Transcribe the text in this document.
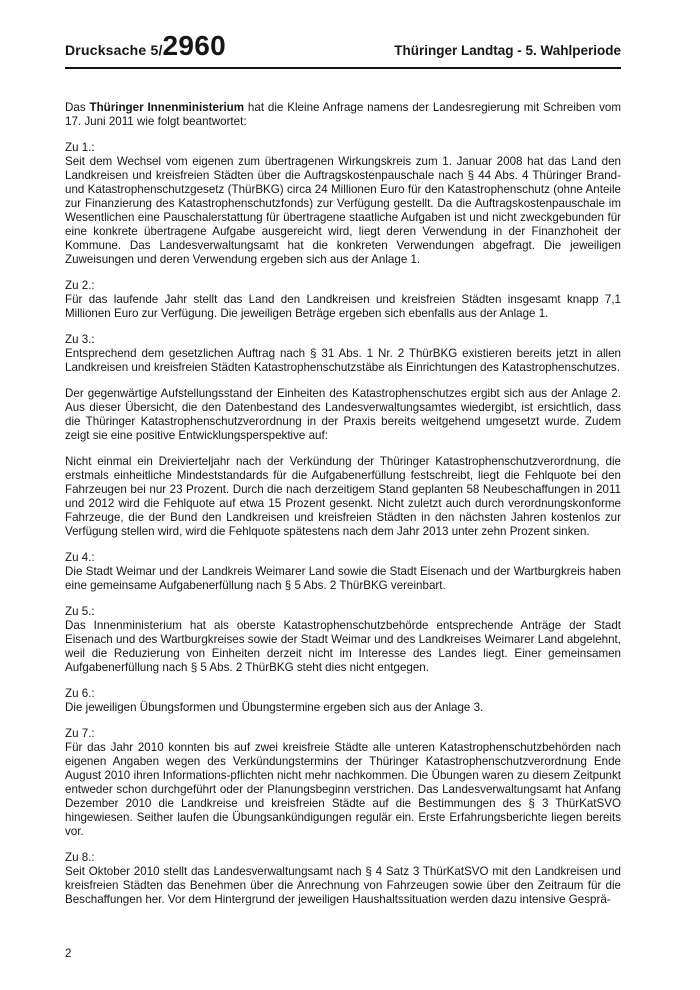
Drucksache 5/2960	Thüringer Landtag - 5. Wahlperiode

Das Thüringer Innenministerium hat die Kleine Anfrage namens der Landesregierung mit Schreiben vom 17. Juni 2011 wie folgt beantwortet:

Zu 1.:

Seit dem Wechsel vom eigenen zum übertragenen Wirkungskreis zum 1. Januar 2008 hat das Land den Landkreisen und kreisfreien Städten über die Auftragskostenpauschale nach § 44 Abs. 4 Thüringer Brand- und Katastrophenschutzgesetz (ThürBKG) circa 24 Millionen Euro für den Katastrophenschutz (ohne Anteile zur Finanzierung des Katastrophenschutzfonds) zur Verfügung gestellt. Da die Auftragskostenpauschale im Wesentlichen eine Pauschalerstattung für übertragene staatliche Aufgaben ist und nicht zweckgebunden für eine konkrete übertragene Aufgabe ausgereicht wird, liegt deren Verwendung in der Finanzhoheit der Kommune. Das Landesverwaltungsamt hat die konkreten Verwendungen abgefragt. Die jeweiligen Zuweisungen und deren Verwendung ergeben sich aus der Anlage 1.

Zu 2.:

Für das laufende Jahr stellt das Land den Landkreisen und kreisfreien Städten insgesamt knapp 7,1 Millionen Euro zur Verfügung. Die jeweiligen Beträge ergeben sich ebenfalls aus der Anlage 1.

Zu 3.:

Entsprechend dem gesetzlichen Auftrag nach § 31 Abs. 1 Nr. 2 ThürBKG existieren bereits jetzt in allen Landkreisen und kreisfreien Städten Katastrophenschutzstäbe als Einrichtungen des Katastrophenschutzes.

Der gegenwärtige Aufstellungsstand der Einheiten des Katastrophenschutzes ergibt sich aus der Anlage 2. Aus dieser Übersicht, die den Datenbestand des Landesverwaltungsamtes wiedergibt, ist ersichtlich, dass die Thüringer Katastrophenschutzverordnung in der Praxis bereits weitgehend umgesetzt wurde. Zudem zeigt sie eine positive Entwicklungsperspektive auf:

Nicht einmal ein Dreivierteljahr nach der Verkündung der Thüringer Katastrophenschutzverordnung, die erstmals einheitliche Mindeststandards für die Aufgabenerfüllung festschreibt, liegt die Fehlquote bei den Fahrzeugen bei nur 23 Prozent. Durch die nach derzeitigem Stand geplanten 58 Neubeschaffungen in 2011 und 2012 wird die Fehlquote auf etwa 15 Prozent gesenkt. Nicht zuletzt auch durch verordnungskonforme Fahrzeuge, die der Bund den Landkreisen und kreisfreien Städten in den nächsten Jahren kostenlos zur Verfügung stellen wird, wird die Fehlquote spätestens nach dem Jahr 2013 unter zehn Prozent sinken.

Zu 4.:

Die Stadt Weimar und der Landkreis Weimarer Land sowie die Stadt Eisenach und der Wartburgkreis haben eine gemeinsame Aufgabenerfüllung nach § 5 Abs. 2 ThürBKG vereinbart.

Zu 5.:

Das Innenministerium hat als oberste Katastrophenschutzbehörde entsprechende Anträge der Stadt Eisenach und des Wartburgkreises sowie der Stadt Weimar und des Landkreises Weimarer Land abgelehnt, weil die Reduzierung von Einheiten derzeit nicht im Interesse des Landes liegt. Einer gemeinsamen Aufgabenerfüllung nach § 5 Abs. 2 ThürBKG steht dies nicht entgegen.

Zu 6.:

Die jeweiligen Übungsformen und Übungstermine ergeben sich aus der Anlage 3.

Zu 7.:

Für das Jahr 2010 konnten bis auf zwei kreisfreie Städte alle unteren Katastrophenschutzbehörden nach eigenen Angaben wegen des Verkündungstermins der Thüringer Katastrophenschutzverordnung Ende August 2010 ihren Informations-pflichten nicht mehr nachkommen. Die Übungen waren zu diesem Zeitpunkt entweder schon durchgeführt oder der Planungsbeginn verstrichen. Das Landesverwaltungsamt hat Anfang Dezember 2010 die Landkreise und kreisfreien Städte auf die Bestimmungen des § 3 ThürKatSVO hingewiesen. Seither laufen die Übungsankündigungen regulär ein. Erste Erfahrungsberichte liegen bereits vor.

Zu 8.:

Seit Oktober 2010 stellt das Landesverwaltungsamt nach § 4 Satz 3 ThürKatSVO mit den Landkreisen und kreisfreien Städten das Benehmen über die Anrechnung von Fahrzeugen sowie über den Zeitraum für die Beschaffungen her. Vor dem Hintergrund der jeweiligen Haushaltssituation werden dazu intensive Gesprä-

2
